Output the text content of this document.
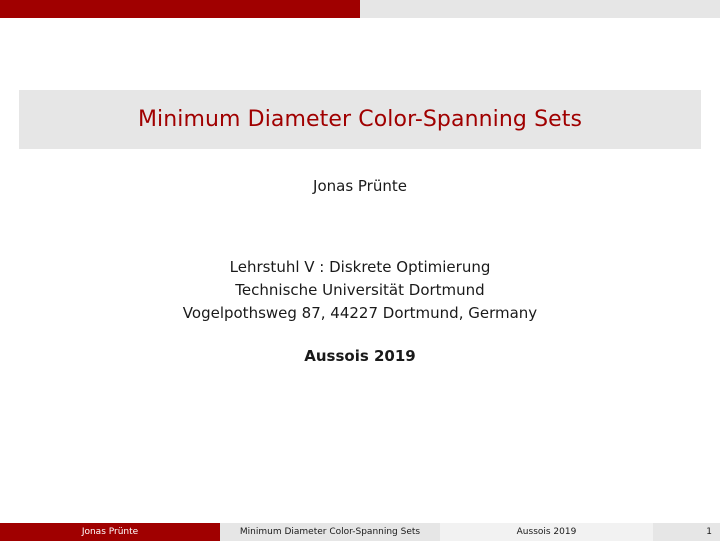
Minimum Diameter Color-Spanning Sets
Jonas Prünte
Lehrstuhl V : Diskrete Optimierung
Technische Universität Dortmund
Vogelpothsweg 87, 44227 Dortmund, Germany
Aussois 2019
Jonas Prünte	Minimum Diameter Color-Spanning Sets	Aussois 2019	1
